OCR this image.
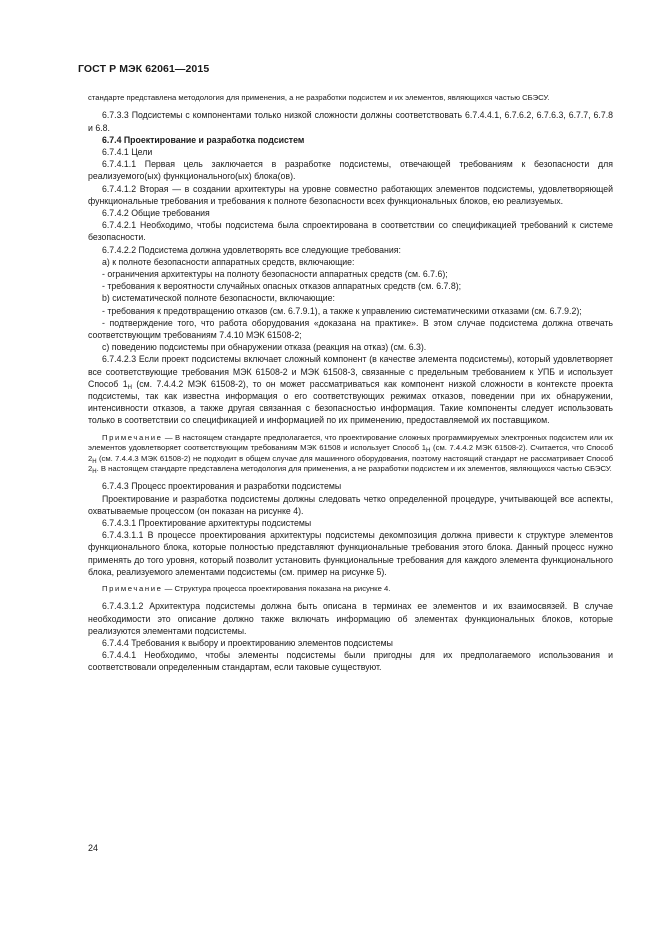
ГОСТ Р МЭК 62061—2015

стандарте представлена методология для применения, а не разработки подсистем и их элементов, являющихся частью СБЭСУ.

6.7.3.3 Подсистемы с компонентами только низкой сложности должны соответствовать 6.7.4.4.1, 6.7.6.2, 6.7.6.3, 6.7.7, 6.7.8 и 6.8.

6.7.4 Проектирование и разработка подсистем

6.7.4.1 Цели

6.7.4.1.1 Первая цель заключается в разработке подсистемы, отвечающей требованиям к безопасности для реализуемого(ых) функционального(ых) блока(ов).

6.7.4.1.2 Вторая — в создании архитектуры на уровне совместно работающих элементов подсистемы, удовлетворяющей функциональные требования и требования к полноте безопасности всех функциональных блоков, ею реализуемых.

6.7.4.2 Общие требования

6.7.4.2.1 Необходимо, чтобы подсистема была спроектирована в соответствии со спецификацией требований к системе безопасности.

6.7.4.2.2 Подсистема должна удовлетворять все следующие требования:

а) к полноте безопасности аппаратных средств, включающие:

- ограничения архитектуры на полноту безопасности аппаратных средств (см. 6.7.6);

- требования к вероятности случайных опасных отказов аппаратных средств (см. 6.7.8);

b) систематической полноте безопасности, включающие:

- требования к предотвращению отказов (см. 6.7.9.1), а также к управлению систематическими отказами (см. 6.7.9.2);

- подтверждение того, что работа оборудования «доказана на практике». В этом случае подсистема должна отвечать соответствующим требованиям 7.4.10 МЭК 61508-2;

с) поведению подсистемы при обнаружении отказа (реакция на отказ) (см. 6.3).

6.7.4.2.3 Если проект подсистемы включает сложный компонент (в качестве элемента подсистемы), который удовлетворяет все соответствующие требования МЭК 61508-2 и МЭК 61508-3, связанные с предельным требованием к УПБ и использует Способ $1_Н$ (см. 7.4.4.2 МЭК 61508-2), то он может рассматриваться как компонент низкой сложности в контексте проекта подсистемы, так как известна информация о его соответствующих режимах отказов, поведении при их обнаружении, интенсивности отказов, а также другая связанная с безопасностью информация. Такие компоненты следует использовать только в соответствии со спецификацией и информацией по их применению, предоставляемой их поставщиком.

Примечание — В настоящем стандарте предполагается, что проектирование сложных программируемых электронных подсистем или их элементов удовлетворяет соответствующим требованиям МЭК 61508 и использует Способ $1_Н$ (см. 7.4.4.2 МЭК 61508-2). Считается, что Способ $2_Н$ (см. 7.4.4.3 МЭК 61508-2) не подходит в общем случае для машинного оборудования, поэтому настоящий стандарт не рассматривает Способ $2_Н$. В настоящем стандарте представлена методология для применения, а не разработки подсистем и их элементов, являющихся частью СБЭСУ.

6.7.4.3 Процесс проектирования и разработки подсистемы

Проектирование и разработка подсистемы должны следовать четко определенной процедуре, учитывающей все аспекты, охватываемые процессом (он показан на рисунке 4).

6.7.4.3.1 Проектирование архитектуры подсистемы

6.7.4.3.1.1 В процессе проектирования архитектуры подсистемы декомпозиция должна привести к структуре элементов функционального блока, которые полностью представляют функциональные требования этого блока. Данный процесс нужно применять до того уровня, который позволит установить функциональные требования для каждого элемента функционального блока, реализуемого элементами подсистемы (см. пример на рисунке 5).

Примечание — Структура процесса проектирования показана на рисунке 4.

6.7.4.3.1.2 Архитектура подсистемы должна быть описана в терминах ее элементов и их взаимосвязей. В случае необходимости это описание должно также включать информацию об элементах функциональных блоков, которые реализуются элементами подсистемы.

6.7.4.4 Требования к выбору и проектированию элементов подсистемы

6.7.4.4.1 Необходимо, чтобы элементы подсистемы были пригодны для их предполагаемого использования и соответствовали определенным стандартам, если таковые существуют.

24
